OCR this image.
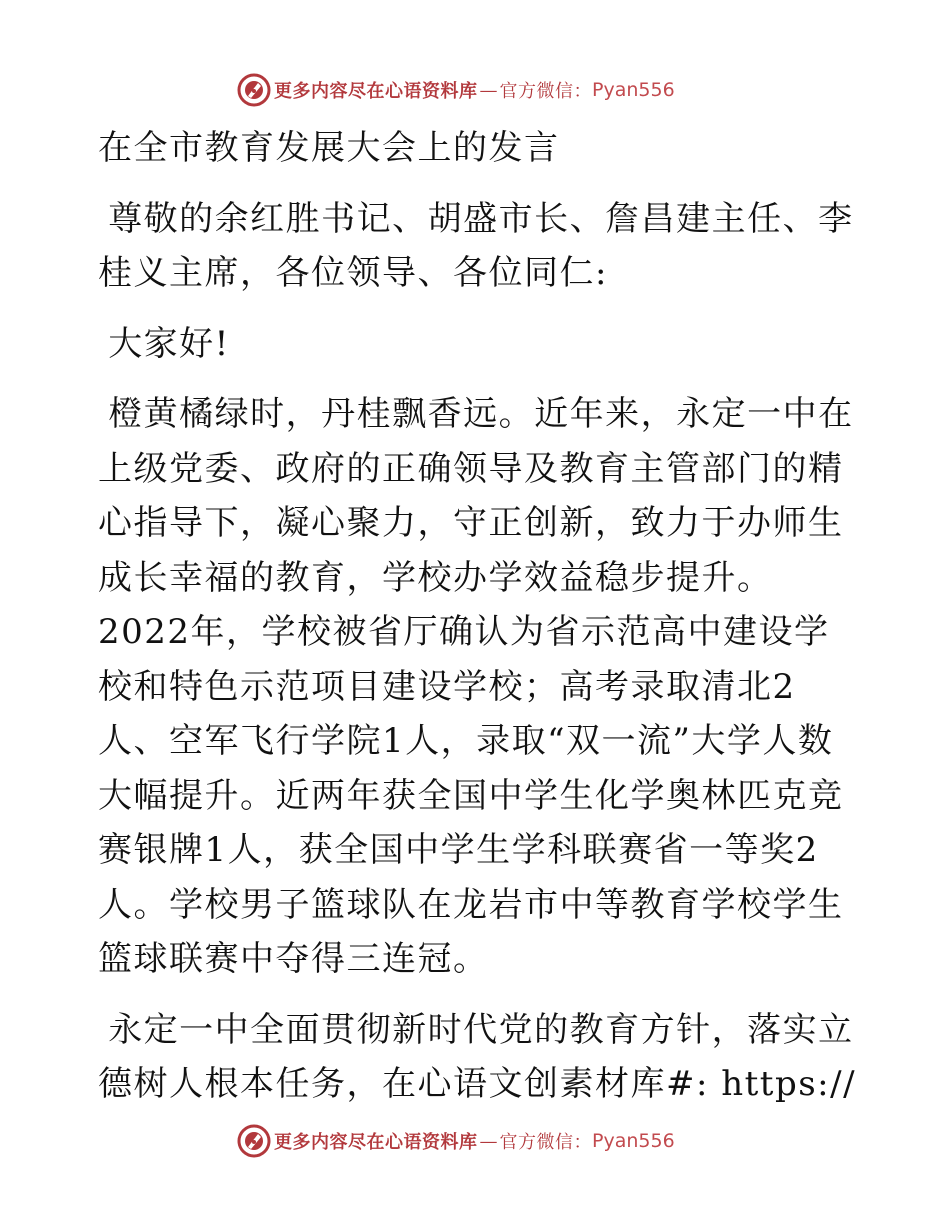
更多内容尽在心语资料库 — 官方微信： Pyan556

在全市教育发展大会上的发言

尊敬的余红胜书记、胡盛市长、詹昌建主任、李桂义主席，各位领导、各位同仁:

大家好!

橙黄橘绿时，丹桂飘香远。近年来，永定一中在上级党委、政府的正确领导及教育主管部门的精心指导下，凝心聚力，守正创新，致力于办师生成长幸福的教育，学校办学效益稳步提升。2022年，学校被省厅确认为省示范高中建设学校和特色示范项目建设学校；高考录取清北2人、空军飞行学院1人，录取“双一流”大学人数大幅提升。近两年获全国中学生化学奥林匹克竞赛银牌1人，获全国中学生学科联赛省一等奖2人。学校男子篮球队在龙岩市中等教育学校学生篮球联赛中夺得三连冠。

永定一中全面贯彻新时代党的教育方针，落实立德树人根本任务，在心语文创素材库#: https://

更多内容尽在心语资料库 — 官方微信： Pyan556
